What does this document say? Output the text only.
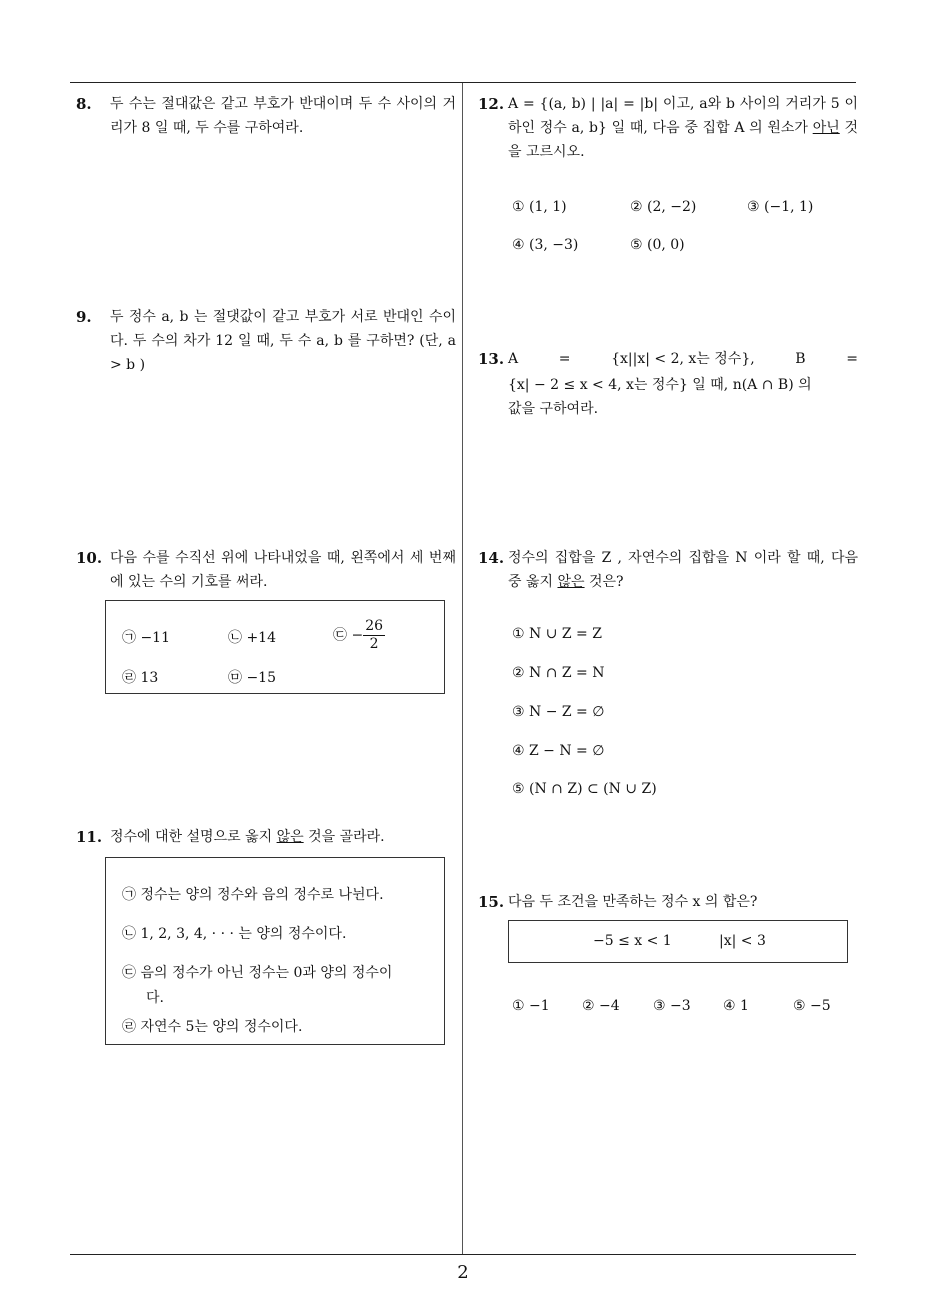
2
8. 두 수는 절대값은 같고 부호가 반대이며 두 수 사이의 거리가 8 일 때, 두 수를 구하여라.
9. 두 정수 a, b 는 절댓값이 같고 부호가 서로 반대인 수이다. 두 수의 차가 12 일 때, 두 수 a, b 를 구하면? (단, a > b )
10. 다음 수를 수직선 위에 나타내었을 때, 왼쪽에서 세 번째에 있는 수의 기호를 써라.
㉠ −11	㉡ +14	㉢ − $\frac{26}{2}$
㉣ 13	㉤ −15
11. 정수에 대한 설명으로 옳지 않은 것을 골라라.
㉠ 정수는 양의 정수와 음의 정수로 나뉜다.
㉡ 1, 2, 3, 4, · · · 는 양의 정수이다.
㉢ 음의 정수가 아닌 정수는 0과 양의 정수이
다.
㉣ 자연수 5는 양의 정수이다.
12. A = {(a, b) | |a| = |b| 이고, a와 b 사이의 거리가 5 이하인 정수 a, b} 일 때, 다음 중 집합 A 의 원소가 아닌 것을 고르시오.
① (1, 1)	② (2, −2)	③ (−1, 1)
④ (3, −3)	⑤ (0, 0)
13. A	=	{x||x| < 2, x는 정수},	B	=
{x| − 2 ≤ x < 4, x는 정수} 일 때, n(A ∩ B) 의
값을 구하여라.
14. 정수의 집합을 Z , 자연수의 집합을 N 이라 할 때, 다음 중 옳지 않은 것은?
① N ∪ Z = Z
② N ∩ Z = N
③ N − Z = ∅
④ Z − N = ∅
⑤ (N ∩ Z) ⊂ (N ∪ Z)
15. 다음 두 조건을 만족하는 정수 x 의 합은?
−5 ≤ x < 1	|x| < 3
① −1 ② −4 ③ −3 ④ 1	⑤ −5
